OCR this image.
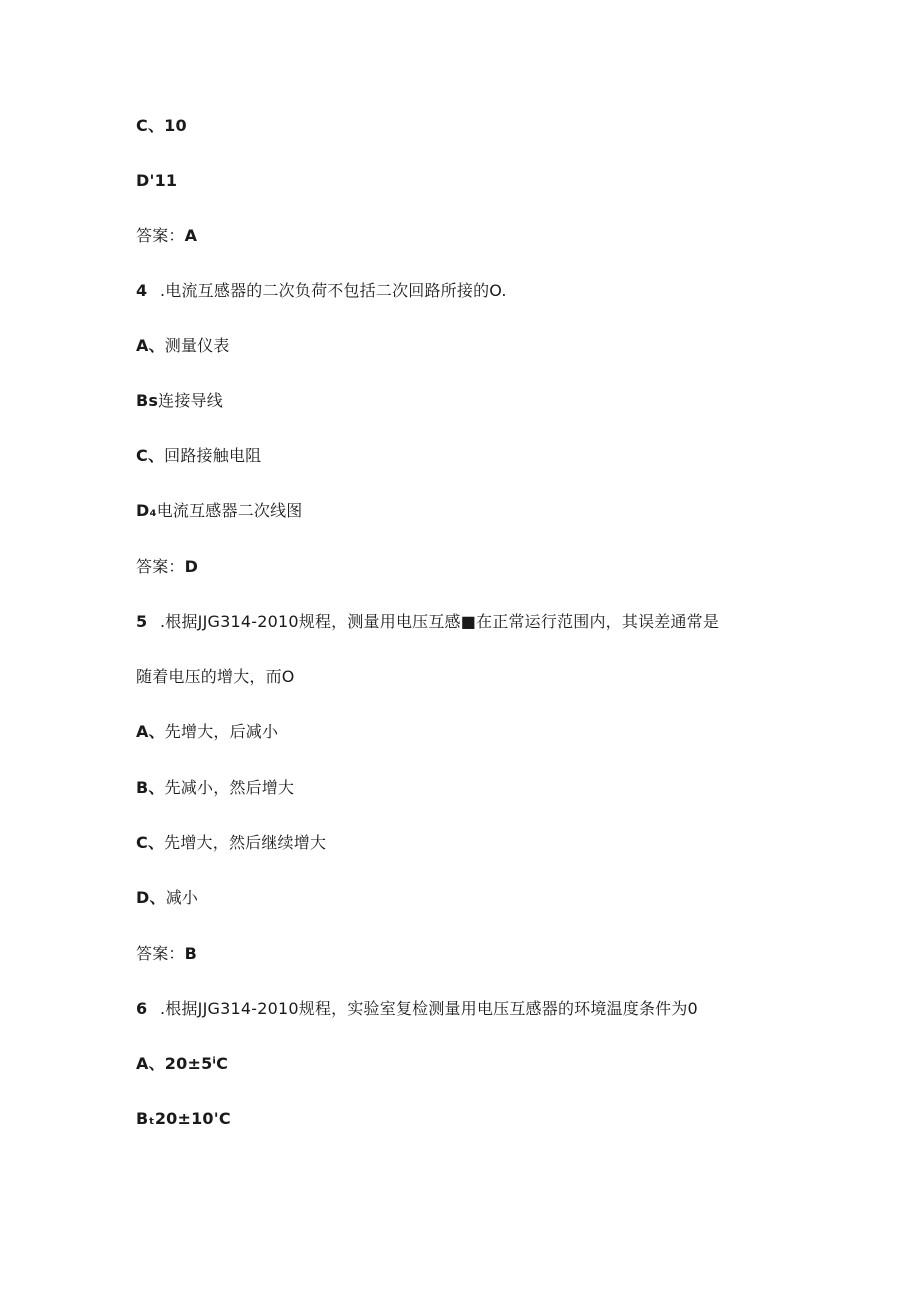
C、10
D'11
答案：A
4 .电流互感器的二次负荷不包括二次回路所接的O.
A、测量仪表
Bs连接导线
C、回路接触电阻
D₄电流互感器二次线图
答案：D
5 .根据JJG314-2010规程，测量用电压互感■在正常运行范围内，其误差通常是
随着电压的增大，而O
A、先增大，后减小
B、先减小，然后增大
C、先增大，然后继续增大
D、减小
答案：B
6 .根据JJG314-2010规程，实验室复检测量用电压互感器的环境温度条件为0
A、20±5ⁱC
Bₜ20±10'C
